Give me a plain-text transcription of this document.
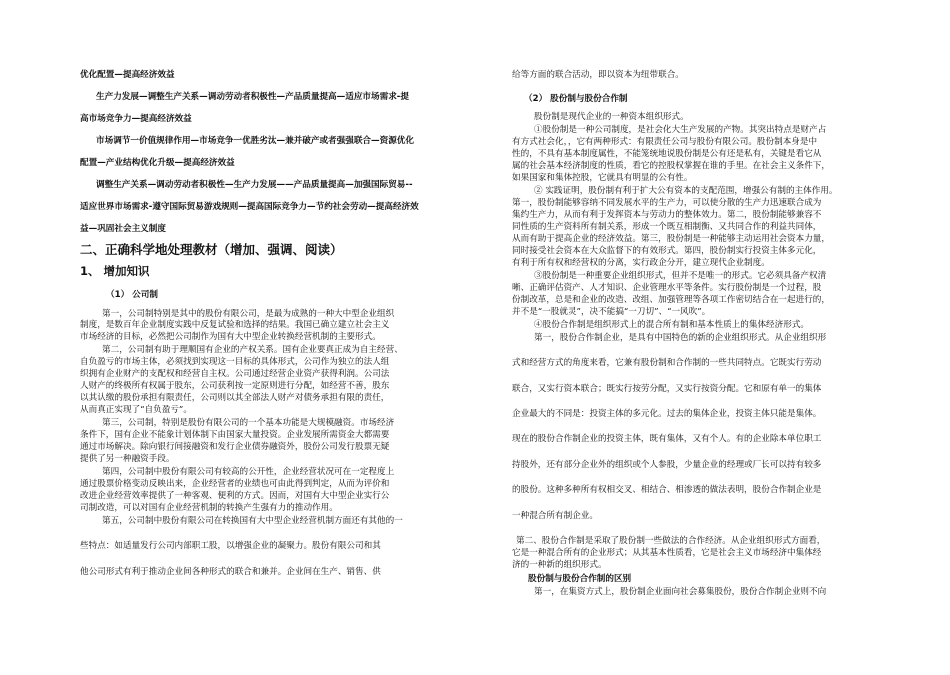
优化配置—提高经济效益
生产力发展—调整生产关系—调动劳动者积极性—产品质量提高—适应市场需求-提
高市场竞争力—提高经济效益
市场调节一价值规律作用—市场竞争一优胜劣汰—兼并破产或者强强联合—资源优化
配置—产业结构优化升级—提高经济效益
调整生产关系—调动劳动者积极性—生产力发展——产品质量提高—加强国际贸易--
适应世界市场需求-遵守国际贸易游戏规则—提高国际竞争力—节约社会劳动—提高经济效
益—巩固社会主义制度
二、正确科学地处理教材（增加、强调、阅读）
1、 增加知识
（1） 公司制
第一，公司制特别是其中的股份有限公司，是最为成熟的一种大中型企业组织
制度，是数百年企业制度实践中反复试验和选择的结果。我国已确立建立社会主义
市场经济的目标，必然把公司制作为国有大中型企业转换经营机制的主要形式。
第二，公司制有助于理顺国有企业的产权关系。国有企业要真正成为自主经营、
自负盈亏的市场主体，必须找到实现这一目标的具体形式，公司作为独立的法人组
织拥有企业财产的支配权和经营自主权。公司通过经营企业资产获得利润。公司法
人财产的终极所有权属于股东，公司获利按一定原则进行分配，如经营不善，股东
以其认缴的股份承担有限责任，公司则以其全部法人财产对债务承担有限的责任，
从而真正实现了“自负盈亏”。
第三，公司制，特别是股份有限公司的一个基本功能是大规模融资。市场经济
条件下，国有企业不能象计划体制下由国家大量投资。企业发展所需资金大都需要
通过市场解决。除向银行间接融资和发行企业债券融资外，股份公司发行股票无疑
提供了另一种融资手段。
第四，公司制中股份有限公司有较高的公开性，企业经营状况可在一定程度上
通过股票价格变动反映出来，企业经营者的业绩也可由此得到判定，从而为评价和
改进企业经营效率提供了一种客观、便利的方式。因而，对国有大中型企业实行公
司制改造，可以对国有企业经营机制的转换产生强有力的推动作用。
第五，公司制中股份有限公司在转换国有大中型企业经营机制方面还有其他的一
些特点：如适量发行公司内部职工股，以增强企业的凝聚力。股份有限公司和其
他公司形式有利于推动企业间各种形式的联合和兼并。企业间在生产、销售、供
给等方面的联合活动，即以资本为纽带联合。
（2） 股份制与股份合作制
股份制是现代企业的一种资本组织形式。
①股份制是一种公司制度，是社会化大生产发展的产物。其突出特点是财产占
有方式社会化，，它有两种形式：有限责任公司与股份有限公司。股份制本身是中
性的，不具有基本制度属性，不能笼统地说股份制是公有还是私有，关键是看它从
属的社会基本经济制度的性质，看它的控股权掌握在谁的手里。在社会主义条件下，
如果国家和集体控股，它就具有明显的公有性。
② 实践证明，股份制有利于扩大公有资本的支配范围，增强公有制的主体作用。
第一，股份制能够容纳不同发展水平的生产力，可以使分散的生产力迅速联合成为
集约生产力，从而有利于发挥资本与劳动力的整体效力。第二，股份制能够兼容不
同性质的生产资料所有制关系，形成一个既互相制衡、又共同合作的利益共同体，
从而有助于提高企业的经济效益。第三，股份制是一种能够主动运用社会资本力量，
同时接受社会资本在大众监督下的有效形式。第四，股份制实行投资主体多元化，
有利于所有权和经营权的分离，实行政企分开，建立现代企业制度。
③股份制是一种重要企业组织形式，但并不是唯一的形式。它必须具备产权清
晰、正确评估资产、人才知识、企业管理水平等条件。实行股份制是一个过程，股
份制改革，总是和企业的改造、改组、加强管理等各项工作密切结合在一起进行的，
并不是“一股就灵”，决不能搞“一刀切”、“一风吹”。
④股份合作制是组织形式上的混合所有制和基本性质上的集体经济形式。
第一，股份合作制企业，是具有中国特色的新的企业组织形式。从企业组织形
式和经营方式的角度来看，它兼有股份制和合作制的一些共同特点。它既实行劳动
联合，又实行资本联合；既实行按劳分配，又实行按资分配。它和原有单一的集体
企业最大的不同是：投资主体的多元化。过去的集体企业，投资主体只能是集体。
现在的股份合作制企业的投资主体，既有集体，又有个人。有的企业除本单位职工
持股外，还有部分企业外的组织或个人参股，少量企业的经理或厂长可以持有较多
的股份。这种多种所有权相交叉、相结合、相渗透的做法表明，股份合作制企业是
一种混合所有制企业。
第二、股份合作制是采取了股份制一些做法的合作经济。从企业组织形式方面看，
它是一种混合所有的企业形式；从其基本性质看，它是社会主义市场经济中集体经
济的一种新的组织形式。
股份制与股份合作制的区别
第一，在集资方式上，股份制企业面向社会募集股份，股份合作制企业则不向
